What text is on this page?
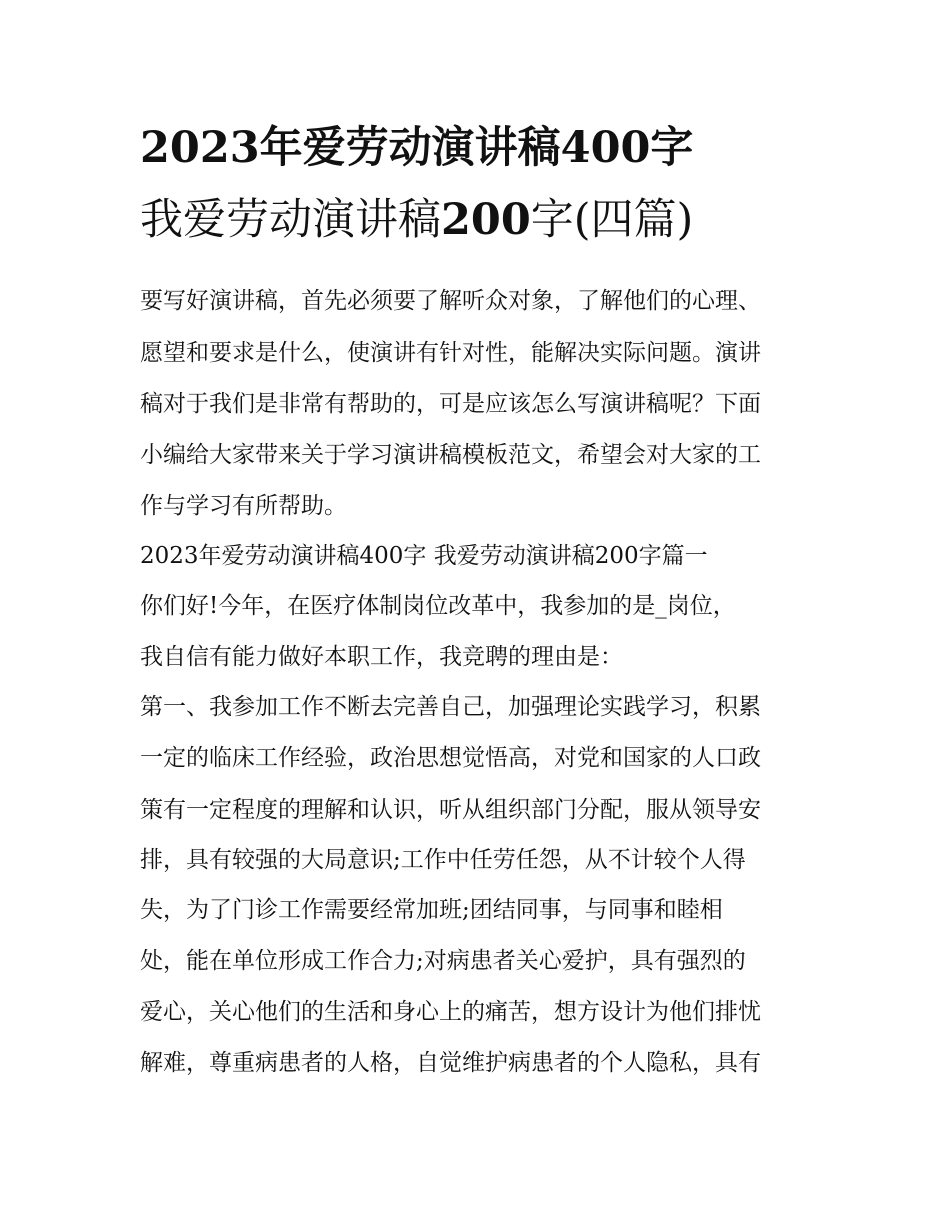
2023年爱劳动演讲稿400字
我爱劳动演讲稿200字(四篇)

要写好演讲稿，首先必须要了解听众对象，了解他们的心理、

愿望和要求是什么，使演讲有针对性，能解决实际问题。演讲

稿对于我们是非常有帮助的，可是应该怎么写演讲稿呢？下面

小编给大家带来关于学习演讲稿模板范文，希望会对大家的工

作与学习有所帮助。

2023年爱劳动演讲稿400字 我爱劳动演讲稿200字篇一

你们好!今年，在医疗体制岗位改革中，我参加的是_岗位，

我自信有能力做好本职工作，我竞聘的理由是：

第一、我参加工作不断去完善自己，加强理论实践学习，积累

一定的临床工作经验，政治思想觉悟高，对党和国家的人口政

策有一定程度的理解和认识，听从组织部门分配，服从领导安

排，具有较强的大局意识;工作中任劳任怨，从不计较个人得

失，为了门诊工作需要经常加班;团结同事，与同事和睦相

处，能在单位形成工作合力;对病患者关心爱护，具有强烈的

爱心，关心他们的生活和身心上的痛苦，想方设计为他们排忧

解难，尊重病患者的人格，自觉维护病患者的个人隐私，具有
